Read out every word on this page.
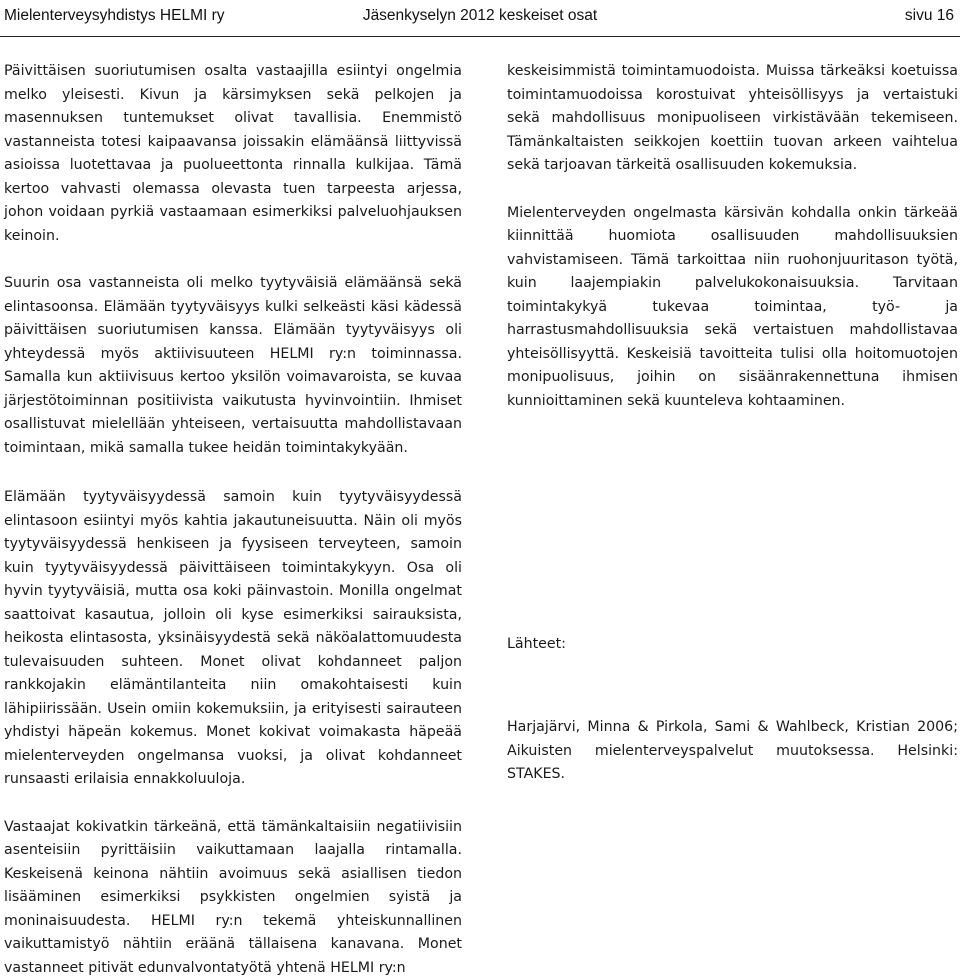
Mielenterveysyhdistys HELMI ry	Jäsenkyselyn 2012 keskeiset osat	sivu 16

Päivittäisen suoriutumisen osalta vastaajilla esiintyi ongelmia melko yleisesti. Kivun ja kärsimyksen sekä pelkojen ja masennuksen tuntemukset olivat tavallisia. Enemmistö vastanneista totesi kaipaavansa joissakin elämäänsä liittyvissä asioissa luotettavaa ja puolueettonta rinnalla kulkijaa. Tämä kertoo vahvasti olemassa olevasta tuen tarpeesta arjessa, johon voidaan pyrkiä vastaamaan esimerkiksi palveluohjauksen keinoin.

Suurin osa vastanneista oli melko tyytyväisiä elämäänsä sekä elintasoonsa. Elämään tyytyväisyys kulki selkeästi käsi kädessä päivittäisen suoriutumisen kanssa. Elämään tyytyväisyys oli yhteydessä myös aktiivisuuteen HELMI ry:n toiminnassa. Samalla kun aktiivisuus kertoo yksilön voimavaroista, se kuvaa järjestötoiminnan positiivista vaikutusta hyvinvointiin. Ihmiset osallistuvat mielellään yhteiseen, vertaisuutta mahdollistavaan toimintaan, mikä samalla tukee heidän toimintakykyään.

Elämään tyytyväisyydessä samoin kuin tyytyväisyydessä elintasoon esiintyi myös kahtia jakautuneisuutta. Näin oli myös tyytyväisyydessä henkiseen ja fyysiseen terveyteen, samoin kuin tyytyväisyydessä päivittäiseen toimintakykyyn. Osa oli hyvin tyytyväisiä, mutta osa koki päinvastoin. Monilla ongelmat saattoivat kasautua, jolloin oli kyse esimerkiksi sairauksista, heikosta elintasosta, yksinäisyydestä sekä näköalattomuudesta tulevaisuuden suhteen. Monet olivat kohdanneet paljon rankkojakin elämäntilanteita niin omakohtaisesti kuin lähipiirissään. Usein omiin kokemuksiin, ja erityisesti sairauteen yhdistyi häpeän kokemus. Monet kokivat voimakasta häpeää mielenterveyden ongelmansa vuoksi, ja olivat kohdanneet runsaasti erilaisia ennakkoluuloja.

Vastaajat kokivatkin tärkeänä, että tämänkaltaisiin negatiivisiin asenteisiin pyrittäisiin vaikuttamaan laajalla rintamalla. Keskeisenä keinona nähtiin avoimuus sekä asiallisen tiedon lisääminen esimerkiksi psykkisten ongelmien syistä ja moninaisuudesta. HELMI ry:n tekemä yhteiskunnallinen vaikuttamistyö nähtiin eräänä tällaisena kanavana. Monet vastanneet pitivät edunvalvontatyötä yhtenä HELMI ry:n

keskeisimmistä toimintamuodoista. Muissa tärkeäksi koetuissa toimintamuodoissa korostuivat yhteisöllisyys ja vertaistuki sekä mahdollisuus monipuoliseen virkistävään tekemiseen. Tämänkaltaisten seikkojen koettiin tuovan arkeen vaihtelua sekä tarjoavan tärkeitä osallisuuden kokemuksia.

Mielenterveyden ongelmasta kärsivän kohdalla onkin tärkeää kiinnittää huomiota osallisuuden mahdollisuuksien vahvistamiseen. Tämä tarkoittaa niin ruohonjuuritason työtä, kuin laajempiakin palvelukokonaisuuksia. Tarvitaan toimintakykyä tukevaa toimintaa, työ- ja harrastusmahdollisuuksia sekä vertaistuen mahdollistavaa yhteisöllisyyttä. Keskeisiä tavoitteita tulisi olla hoitomuotojen monipuolisuus, joihin on sisäänrakennettuna ihmisen kunnioittaminen sekä kuunteleva kohtaaminen.

Lähteet:

Harjajärvi, Minna & Pirkola, Sami & Wahlbeck, Kristian 2006; Aikuisten mielenterveyspalvelut muutoksessa. Helsinki: STAKES.
